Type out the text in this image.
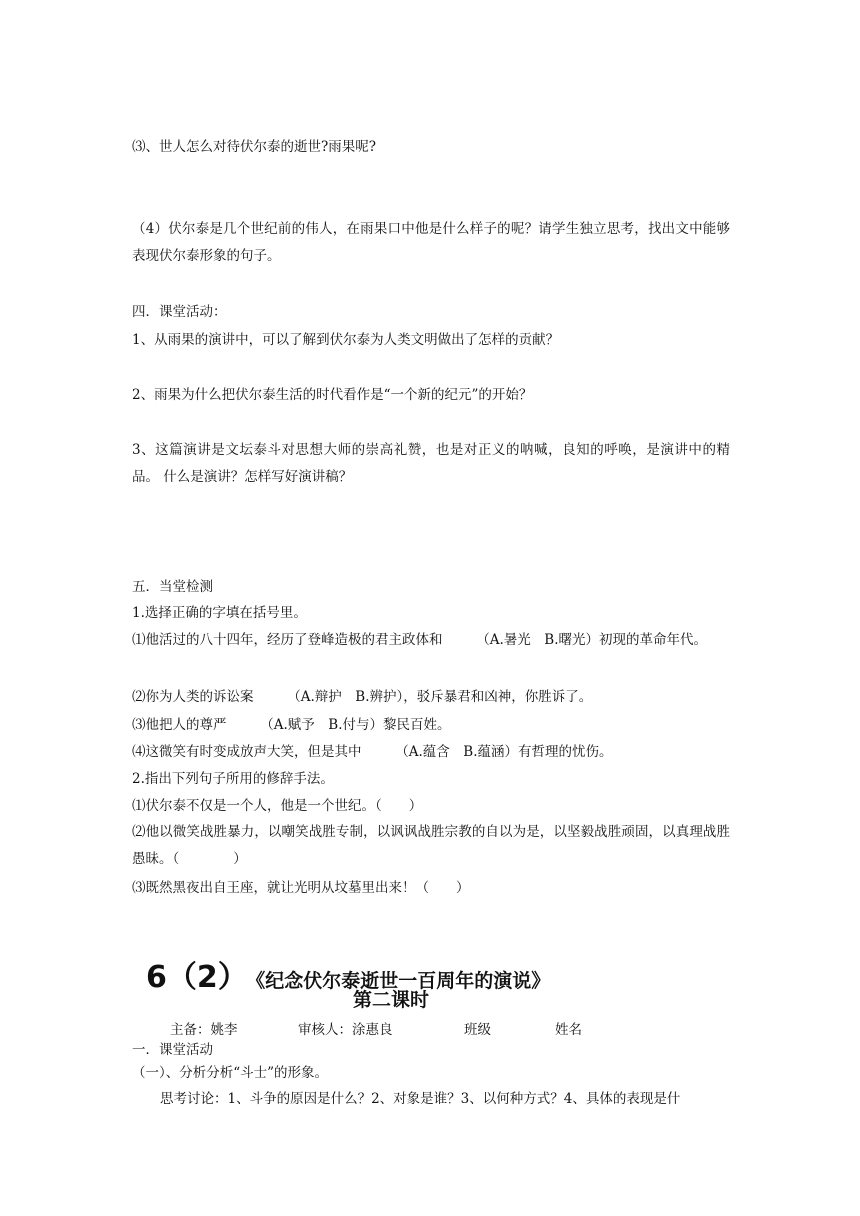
⑶、世人怎么对待伏尔泰的逝世?雨果呢?
（4）伏尔泰是几个世纪前的伟人，在雨果口中他是什么样子的呢？请学生独立思考，找出文中能够表现伏尔泰形象的句子。
四．课堂活动：
1、从雨果的演讲中，可以了解到伏尔泰为人类文明做出了怎样的贡献？
2、雨果为什么把伏尔泰生活的时代看作是“一个新的纪元”的开始？
3、这篇演讲是文坛泰斗对思想大师的崇高礼赞，也是对正义的呐喊，良知的呼唤，是演讲中的精品。 什么是演讲？怎样写好演讲稿？
五．当堂检测
1.选择正确的字填在括号里。
⑴他活过的八十四年，经历了登峰造极的君主政体和　　　（A.暑光　B.曙光）初现的革命年代。
⑵你为人类的诉讼案　　　（A.辩护　B.辨护），驳斥暴君和凶神，你胜诉了。
⑶他把人的尊严　　　（A.赋予　B.付与）黎民百姓。
⑷这微笑有时变成放声大笑，但是其中　　　（A.蕴含　B.蕴涵）有哲理的忧伤。
2.指出下列句子所用的修辞手法。
⑴伏尔泰不仅是一个人，他是一个世纪。（　　）
⑵他以微笑战胜暴力，以嘲笑战胜专制，以讽讽战胜宗教的自以为是，以坚毅战胜顽固，以真理战胜愚昧。（　　　　）
⑶既然黑夜出自王座，就让光明从坟墓里出来！（　　）
6（2） 《纪念伏尔泰逝世一百周年的演说》
第二课时
主备：姚李	审核人：涂惠良	班级	姓名
一．课堂活动
（一）、分析分析“斗士”的形象。
思考讨论：1、斗争的原因是什么？2、对象是谁？3、以何种方式？4、具体的表现是什
